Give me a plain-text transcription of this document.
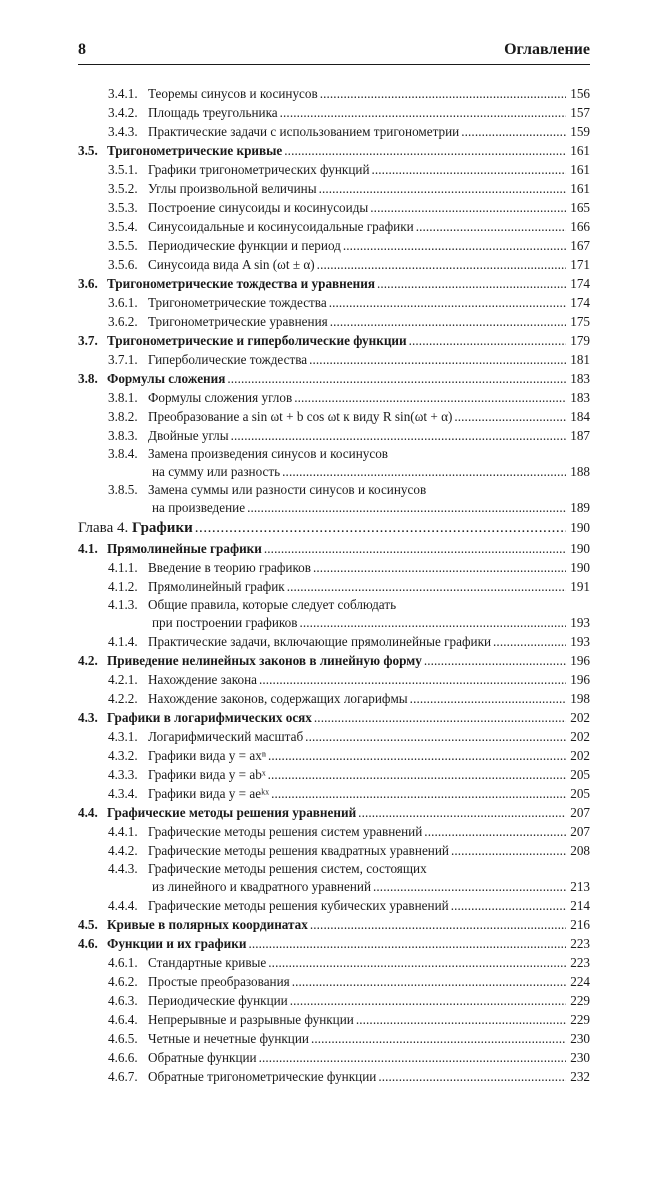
8	Оглавление
3.4.1. Теоремы синусов и косинусов . . .	156
3.4.2. Площадь треугольника . . .	157
3.4.3. Практические задачи с использованием тригонометрии . . .	159
3.5. Тригонометрические кривые . . .	161
3.5.1. Графики тригонометрических функций . . .	161
3.5.2. Углы произвольной величины . . .	161
3.5.3. Построение синусоиды и косинусоиды . . .	165
3.5.4. Синусоидальные и косинусоидальные графики . . .	166
3.5.5. Периодические функции и период . . .	167
3.5.6. Синусоида вида A sin (ωt ± α) . . .	171
3.6. Тригонометрические тождества и уравнения . . .	174
3.6.1. Тригонометрические тождества . . .	174
3.6.2. Тригонометрические уравнения . . .	175
3.7. Тригонометрические и гиперболические функции . . .	179
3.7.1. Гиперболические тождества . . .	181
3.8. Формулы сложения . . .	183
3.8.1. Формулы сложения углов . . .	183
3.8.2. Преобразование a sin ωt + b cos ωt к виду R sin(ωt + α) . . .	184
3.8.3. Двойные углы . . .	187
3.8.4. Замена произведения синусов и косинусов
на сумму или разность . . .	188
3.8.5. Замена суммы или разности синусов и косинусов
на произведение . . .	189
Глава 4.
Графики . . .	190
4.1. Прямолинейные графики . . .	190
4.1.1. Введение в теорию графиков . . .	190
4.1.2. Прямолинейный график . . .	191
4.1.3. Общие правила, которые следует соблюдать
при построении графиков . . .	193
4.1.4. Практические задачи, включающие прямолинейные графики . . .	193
4.2. Приведение нелинейных законов в линейную форму . . .	196
4.2.1. Нахождение закона . . .	196
4.2.2. Нахождение законов, содержащих логарифмы . . .	198
4.3. Графики в логарифмических осях . . .	202
4.3.1. Логарифмический масштаб . . .	202
4.3.2. Графики вида y = axⁿ . . .	202
4.3.3. Графики вида y = abˣ . . .	205
4.3.4. Графики вида y = aeᵏˣ . . .	205
4.4. Графические методы решения уравнений . . .	207
4.4.1. Графические методы решения систем уравнений . . .	207
4.4.2. Графические методы решения квадратных уравнений . . .	208
4.4.3. Графические методы решения систем, состоящих
из линейного и квадратного уравнений . . .	213
4.4.4. Графические методы решения кубических уравнений . . .	214
4.5. Кривые в полярных координатах . . .	216
4.6. Функции и их графики . . .	223
4.6.1. Стандартные кривые . . .	223
4.6.2. Простые преобразования . . .	224
4.6.3. Периодические функции . . .	229
4.6.4. Непрерывные и разрывные функции . . .	229
4.6.5. Четные и нечетные функции . . .	230
4.6.6. Обратные функции . . .	230
4.6.7. Обратные тригонометрические функции . . .	232
